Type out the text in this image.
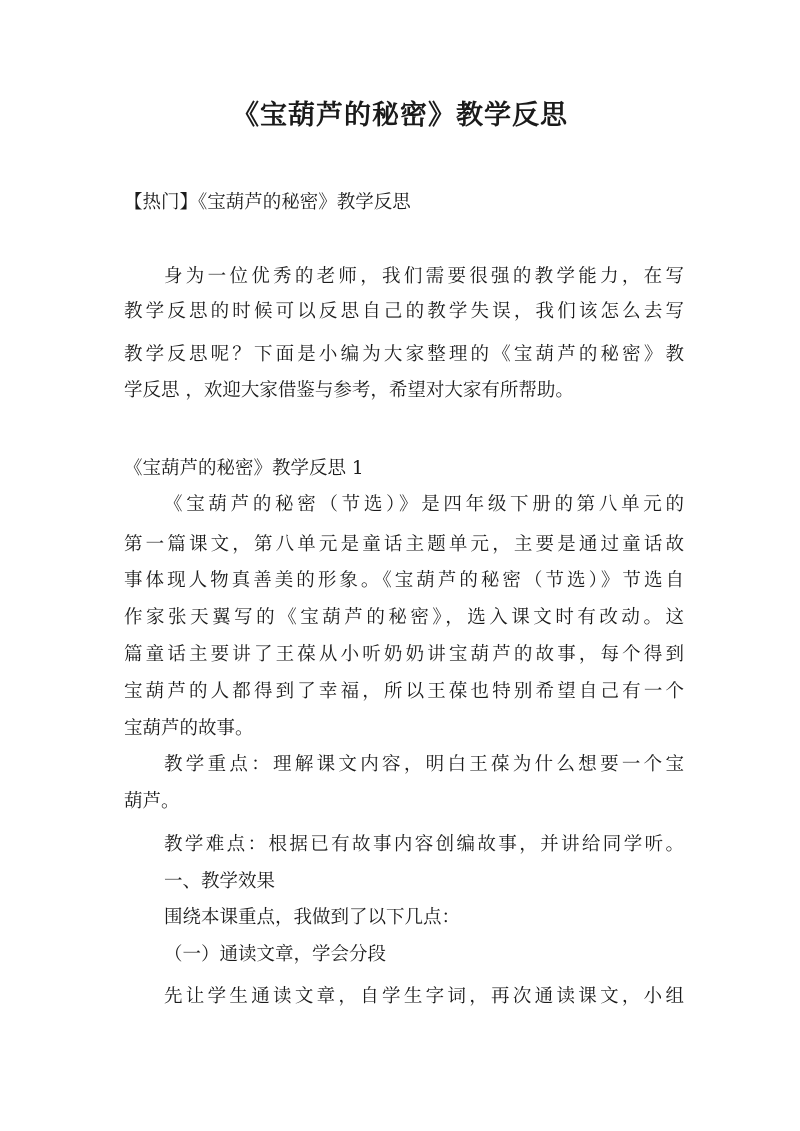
《宝葫芦的秘密》教学反思
【热门】《宝葫芦的秘密》教学反思
身为一位优秀的老师，我们需要很强的教学能力，在写
教学反思的时候可以反思自己的教学失误，我们该怎么去写
教学反思呢？下面是小编为大家整理的《宝葫芦的秘密》教
学反思 ，欢迎大家借鉴与参考，希望对大家有所帮助。
《宝葫芦的秘密》教学反思 1
《宝葫芦的秘密（节选）》是四年级下册的第八单元的
第一篇课文，第八单元是童话主题单元，主要是通过童话故
事体现人物真善美的形象。《宝葫芦的秘密（节选）》节选自
作家张天翼写的《宝葫芦的秘密》，选入课文时有改动。这
篇童话主要讲了王葆从小听奶奶讲宝葫芦的故事，每个得到
宝葫芦的人都得到了幸福，所以王葆也特别希望自己有一个
宝葫芦的故事。
教学重点：理解课文内容，明白王葆为什么想要一个宝
葫芦。
教学难点：根据已有故事内容创编故事，并讲给同学听。
一、教学效果
围绕本课重点，我做到了以下几点：
（一）通读文章，学会分段
先让学生通读文章，自学生字词，再次通读课文，小组
